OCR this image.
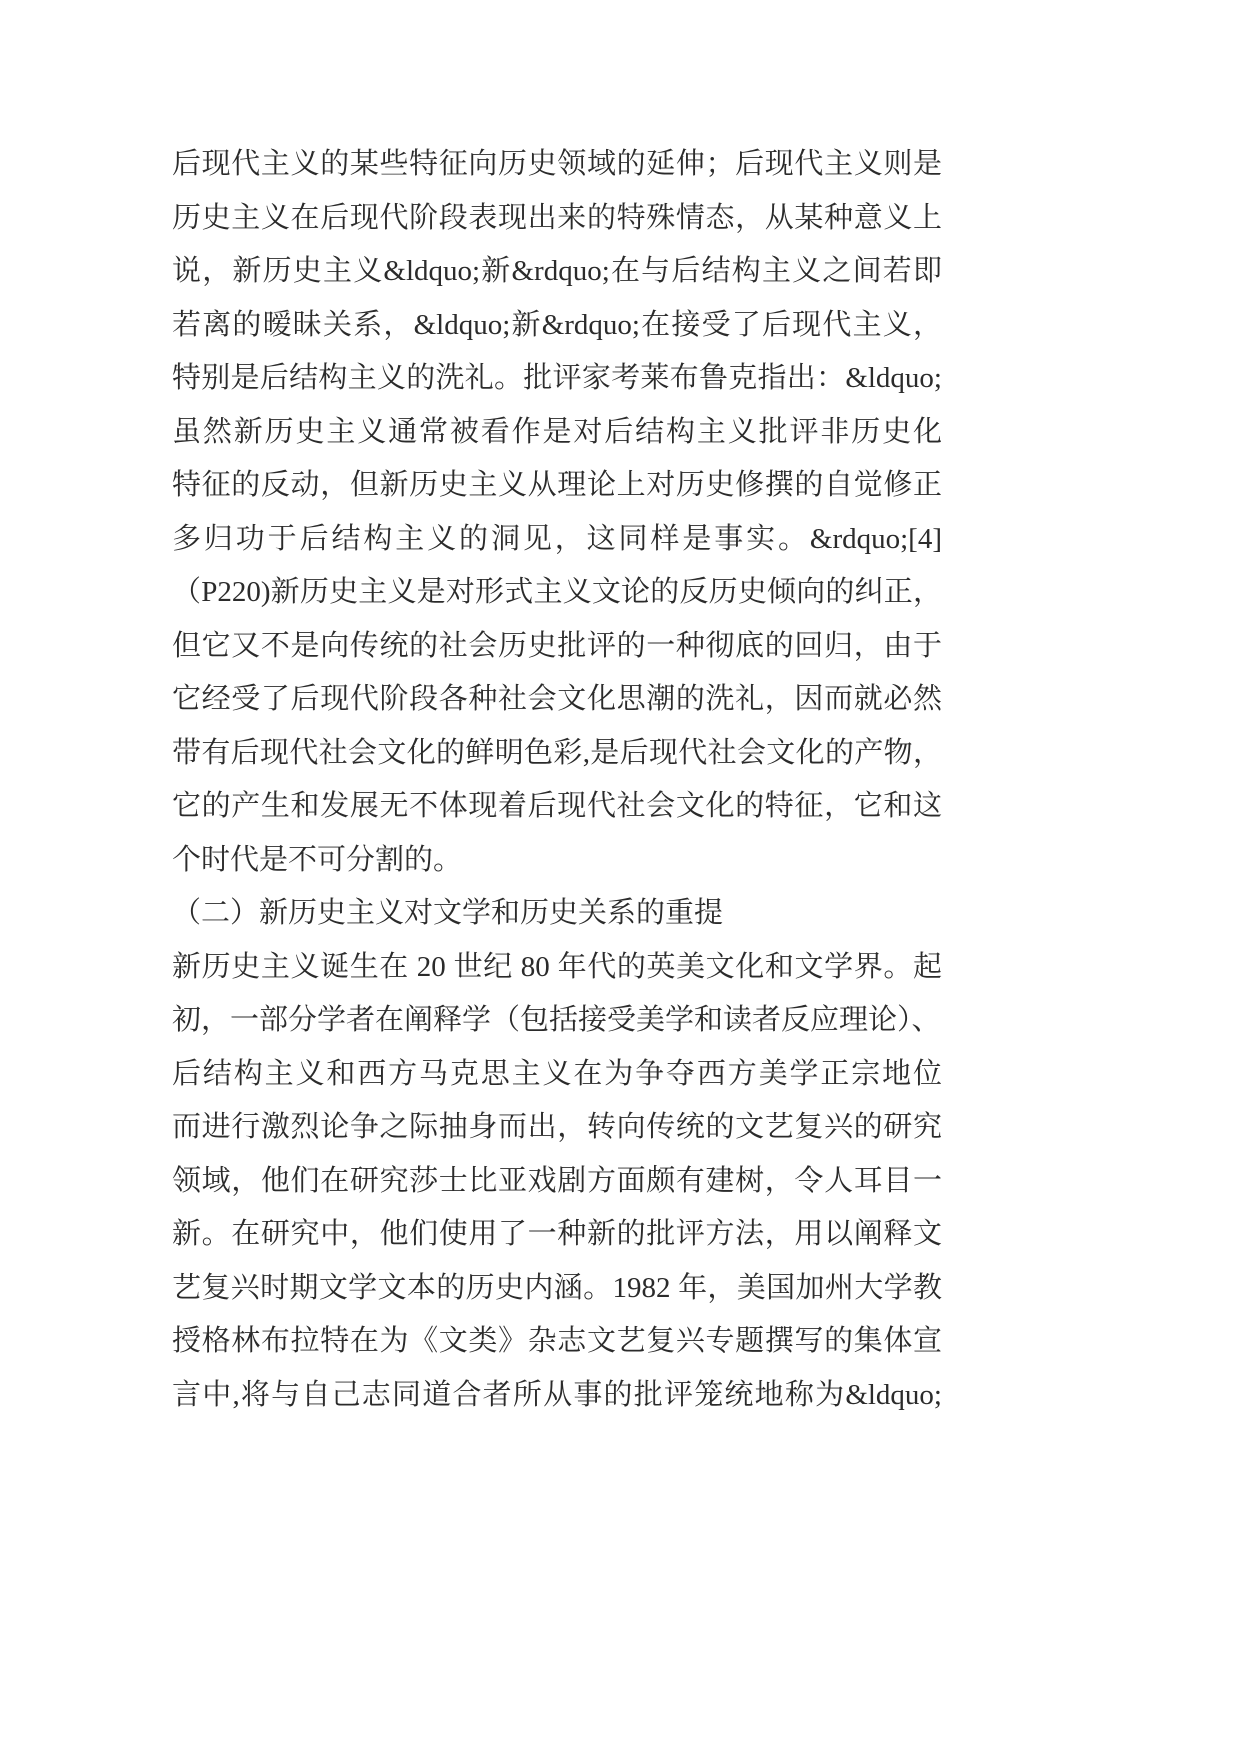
后现代主义的某些特征向历史领域的延伸；后现代主义则是
历史主义在后现代阶段表现出来的特殊情态，从某种意义上
说，新历史主义&ldquo;新&rdquo;在与后结构主义之间若即
若离的暧昧关系，&ldquo;新&rdquo;在接受了后现代主义，
特别是后结构主义的洗礼。批评家考莱布鲁克指出：&ldquo;
虽然新历史主义通常被看作是对后结构主义批评非历史化
特征的反动，但新历史主义从理论上对历史修撰的自觉修正
多归功于后结构主义的洞见，这同样是事实。&rdquo;[4]
（P220)新历史主义是对形式主义文论的反历史倾向的纠正，
但它又不是向传统的社会历史批评的一种彻底的回归，由于
它经受了后现代阶段各种社会文化思潮的洗礼，因而就必然
带有后现代社会文化的鲜明色彩,是后现代社会文化的产物，
它的产生和发展无不体现着后现代社会文化的特征，它和这
个时代是不可分割的。
（二）新历史主义对文学和历史关系的重提
新历史主义诞生在 20 世纪 80 年代的英美文化和文学界。起
初，一部分学者在阐释学（包括接受美学和读者反应理论）、
后结构主义和西方马克思主义在为争夺西方美学正宗地位
而进行激烈论争之际抽身而出，转向传统的文艺复兴的研究
领域，他们在研究莎士比亚戏剧方面颇有建树，令人耳目一
新。在研究中，他们使用了一种新的批评方法，用以阐释文
艺复兴时期文学文本的历史内涵。1982 年，美国加州大学教
授格林布拉特在为《文类》杂志文艺复兴专题撰写的集体宣
言中,将与自己志同道合者所从事的批评笼统地称为&ldquo;
